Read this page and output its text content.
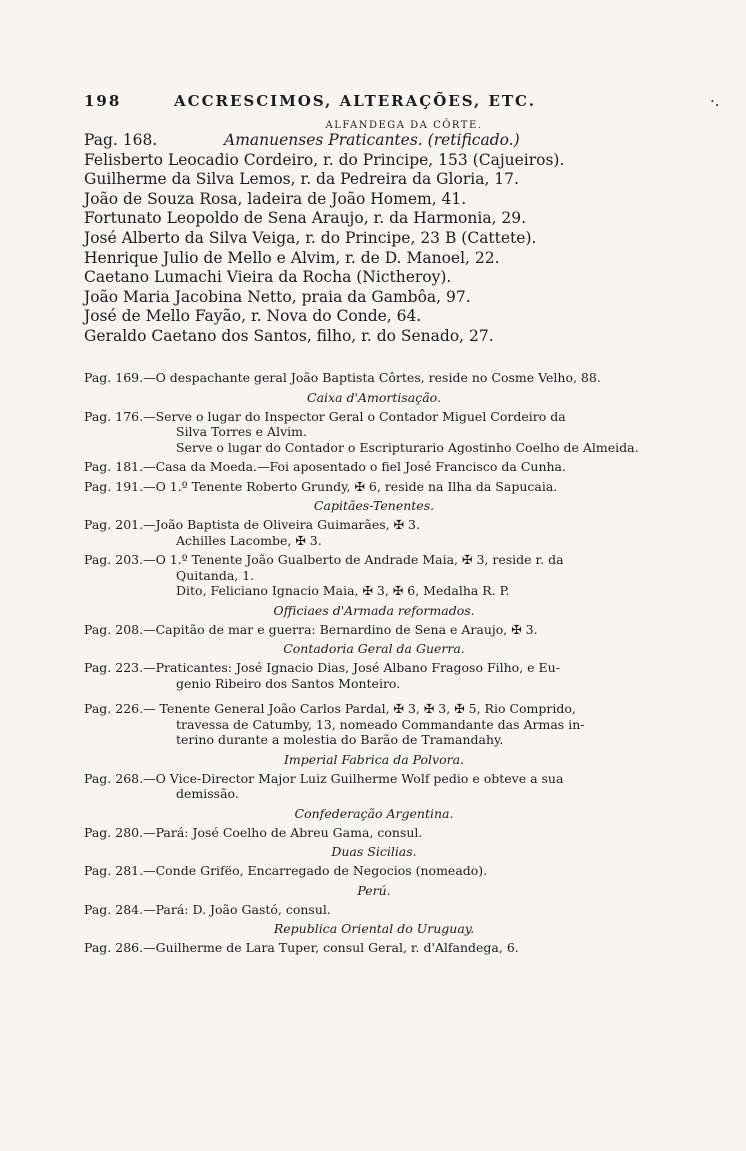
198	ACCRESCIMOS, ALTERAÇÕES, ETC.	·.
ALFANDEGA DA CÔRTE.
Pag. 168.	Amanuenses Praticantes. (retificado.)
Felisberto Leocadio Cordeiro, r. do Principe, 153 (Cajueiros).
Guilherme da Silva Lemos, r. da Pedreira da Gloria, 17.
João de Souza Rosa, ladeira de João Homem, 41.
Fortunato Leopoldo de Sena Araujo, r. da Harmonia, 29.
José Alberto da Silva Veiga, r. do Principe, 23 B (Cattete).
Henrique Julio de Mello e Alvim, r. de D. Manoel, 22.
Caetano Lumachi Vieira da Rocha (Nictheroy).
João Maria Jacobina Netto, praia da Gambôa, 97.
José de Mello Fayão, r. Nova do Conde, 64.
Geraldo Caetano dos Santos, filho, r. do Senado, 27.
Pag. 169.—O despachante geral João Baptista Côrtes, reside no Cosme Velho, 88.
Caixa d'Amortisação.
Pag. 176.—Serve o lugar do Inspector Geral o Contador Miguel Cordeiro da
Silva Torres e Alvim.
Serve o lugar do Contador o Escripturario Agostinho Coelho de Almeida.
Pag. 181.—Casa da Moeda.—Foi aposentado o fiel José Francisco da Cunha.
Pag. 191.—O 1.º Tenente Roberto Grundy, ✠ 6, reside na Ilha da Sapucaia.
Capitães-Tenentes.
Pag. 201.—João Baptista de Oliveira Guimarães, ✠ 3.
Achilles Lacombe, ✠ 3.
Pag. 203.—O 1.º Tenente João Gualberto de Andrade Maia, ✠ 3, reside r. da
Quitanda, 1.
Dito, Feliciano Ignacio Maia, ✠ 3, ✠ 6, Medalha R. P.
Officiaes d'Armada reformados.
Pag. 208.—Capitão de mar e guerra: Bernardino de Sena e Araujo, ✠ 3.
Contadoria Geral da Guerra.
Pag. 223.—Praticantes: José Ignacio Dias, José Albano Fragoso Filho, e Eu-
genio Ribeiro dos Santos Monteiro.
Pag. 226.— Tenente General João Carlos Pardal, ✠ 3, ✠ 3, ✠ 5, Rio Comprido,
travessa de Catumby, 13, nomeado Commandante das Armas in-
terino durante a molestia do Barão de Tramandahy.
Imperial Fabrica da Polvora.
Pag. 268.—O Vice-Director Major Luiz Guilherme Wolf pedio e obteve a sua
demissão.
Confederação Argentina.
Pag. 280.—Pará: José Coelho de Abreu Gama, consul.
Duas Sicilias.
Pag. 281.—Conde Grifëo, Encarregado de Negocios (nomeado).
Perú.
Pag. 284.—Pará: D. João Gastó, consul.
Republica Oriental do Uruguay.
Pag. 286.—Guilherme de Lara Tuper, consul Geral, r. d'Alfandega, 6.
